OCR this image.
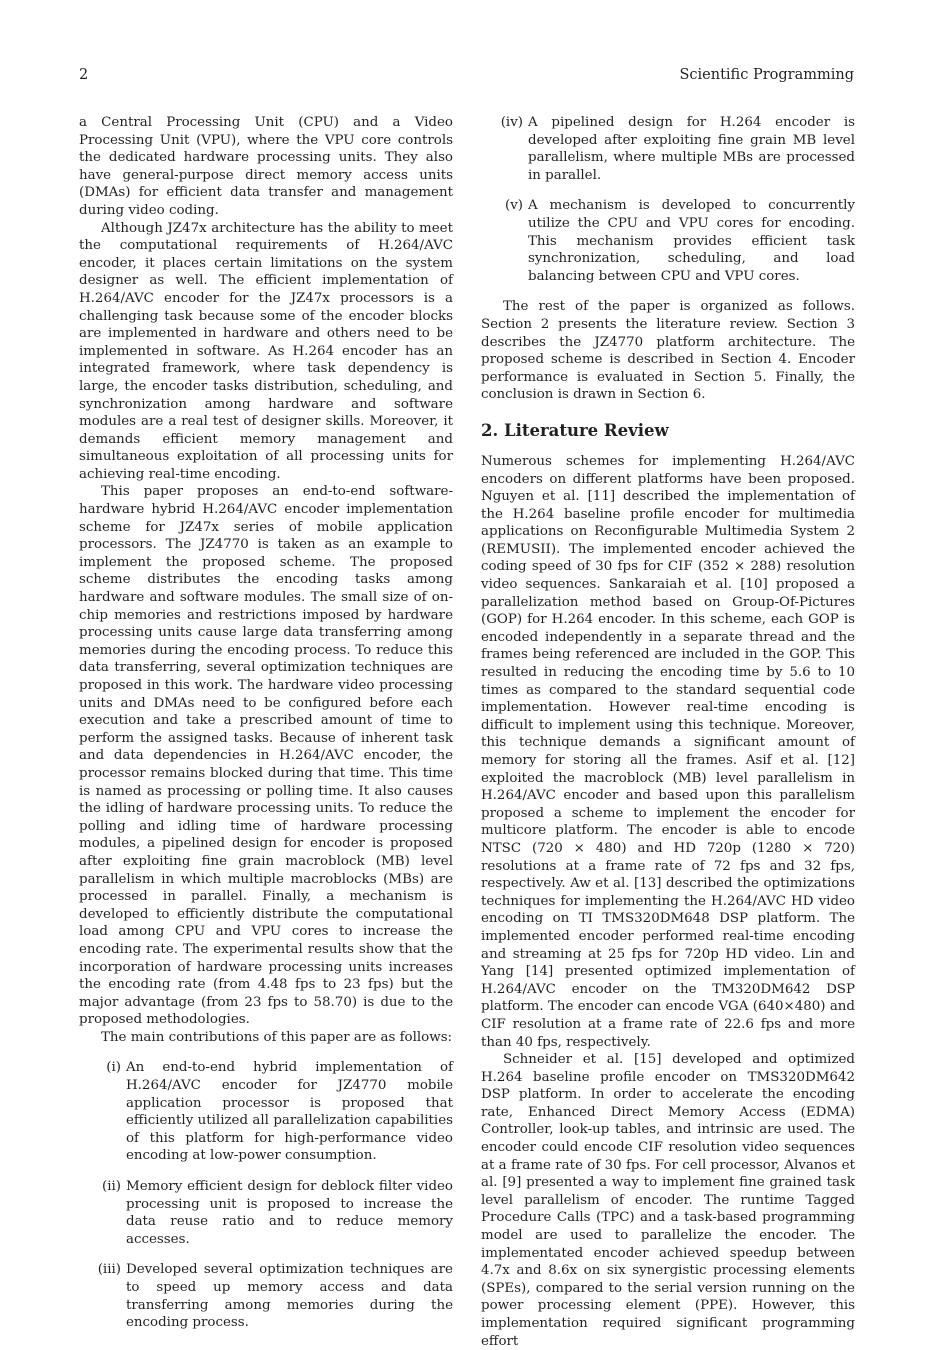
2	Scientific Programming

a Central Processing Unit (CPU) and a Video Processing Unit (VPU), where the VPU core controls the dedicated hardware processing units. They also have general-purpose direct memory access units (DMAs) for efficient data transfer and management during video coding.

Although JZ47x architecture has the ability to meet the computational requirements of H.264/AVC encoder, it places certain limitations on the system designer as well. The efficient implementation of H.264/AVC encoder for the JZ47x processors is a challenging task because some of the encoder blocks are implemented in hardware and others need to be implemented in software. As H.264 encoder has an integrated framework, where task dependency is large, the encoder tasks distribution, scheduling, and synchronization among hardware and software modules are a real test of designer skills. Moreover, it demands efficient memory management and simultaneous exploitation of all processing units for achieving real-time encoding.

This paper proposes an end-to-end software-hardware hybrid H.264/AVC encoder implementation scheme for JZ47x series of mobile application processors. The JZ4770 is taken as an example to implement the proposed scheme. The proposed scheme distributes the encoding tasks among hardware and software modules. The small size of on-chip memories and restrictions imposed by hardware processing units cause large data transferring among memories during the encoding process. To reduce this data transferring, several optimization techniques are proposed in this work. The hardware video processing units and DMAs need to be configured before each execution and take a prescribed amount of time to perform the assigned tasks. Because of inherent task and data dependencies in H.264/AVC encoder, the processor remains blocked during that time. This time is named as processing or polling time. It also causes the idling of hardware processing units. To reduce the polling and idling time of hardware processing modules, a pipelined design for encoder is proposed after exploiting fine grain macroblock (MB) level parallelism in which multiple macroblocks (MBs) are processed in parallel. Finally, a mechanism is developed to efficiently distribute the computational load among CPU and VPU cores to increase the encoding rate. The experimental results show that the incorporation of hardware processing units increases the encoding rate (from 4.48 fps to 23 fps) but the major advantage (from 23 fps to 58.70) is due to the proposed methodologies.

The main contributions of this paper are as follows:

(i) An end-to-end hybrid implementation of H.264/AVC encoder for JZ4770 mobile application processor is proposed that efficiently utilized all parallelization capabilities of this platform for high-performance video encoding at low-power consumption.
(ii) Memory efficient design for deblock filter video processing unit is proposed to increase the data reuse ratio and to reduce memory accesses.
(iii) Developed several optimization techniques are to speed up memory access and data transferring among memories during the encoding process.
(iv) A pipelined design for H.264 encoder is developed after exploiting fine grain MB level parallelism, where multiple MBs are processed in parallel.
(v) A mechanism is developed to concurrently utilize the CPU and VPU cores for encoding. This mechanism provides efficient task synchronization, scheduling, and load balancing between CPU and VPU cores.

The rest of the paper is organized as follows. Section 2 presents the literature review. Section 3 describes the JZ4770 platform architecture. The proposed scheme is described in Section 4. Encoder performance is evaluated in Section 5. Finally, the conclusion is drawn in Section 6.

2. Literature Review

Numerous schemes for implementing H.264/AVC encoders on different platforms have been proposed. Nguyen et al. [11] described the implementation of the H.264 baseline profile encoder for multimedia applications on Reconfigurable Multimedia System 2 (REMUSII). The implemented encoder achieved the coding speed of 30 fps for CIF (352 × 288) resolution video sequences. Sankaraiah et al. [10] proposed a parallelization method based on Group-Of-Pictures (GOP) for H.264 encoder. In this scheme, each GOP is encoded independently in a separate thread and the frames being referenced are included in the GOP. This resulted in reducing the encoding time by 5.6 to 10 times as compared to the standard sequential code implementation. However real-time encoding is difficult to implement using this technique. Moreover, this technique demands a significant amount of memory for storing all the frames. Asif et al. [12] exploited the macroblock (MB) level parallelism in H.264/AVC encoder and based upon this parallelism proposed a scheme to implement the encoder for multicore platform. The encoder is able to encode NTSC (720 × 480) and HD 720p (1280 × 720) resolutions at a frame rate of 72 fps and 32 fps, respectively. Aw et al. [13] described the optimizations techniques for implementing the H.264/AVC HD video encoding on TI TMS320DM648 DSP platform. The implemented encoder performed real-time encoding and streaming at 25 fps for 720p HD video. Lin and Yang [14] presented optimized implementation of H.264/AVC encoder on the TM320DM642 DSP platform. The encoder can encode VGA (640×480) and CIF resolution at a frame rate of 22.6 fps and more than 40 fps, respectively.

Schneider et al. [15] developed and optimized H.264 baseline profile encoder on TMS320DM642 DSP platform. In order to accelerate the encoding rate, Enhanced Direct Memory Access (EDMA) Controller, look-up tables, and intrinsic are used. The encoder could encode CIF resolution video sequences at a frame rate of 30 fps. For cell processor, Alvanos et al. [9] presented a way to implement fine grained task level parallelism of encoder. The runtime Tagged Procedure Calls (TPC) and a task-based programming model are used to parallelize the encoder. The implementated encoder achieved speedup between 4.7x and 8.6x on six synergistic processing elements (SPEs), compared to the serial version running on the power processing element (PPE). However, this implementation required significant programming effort
